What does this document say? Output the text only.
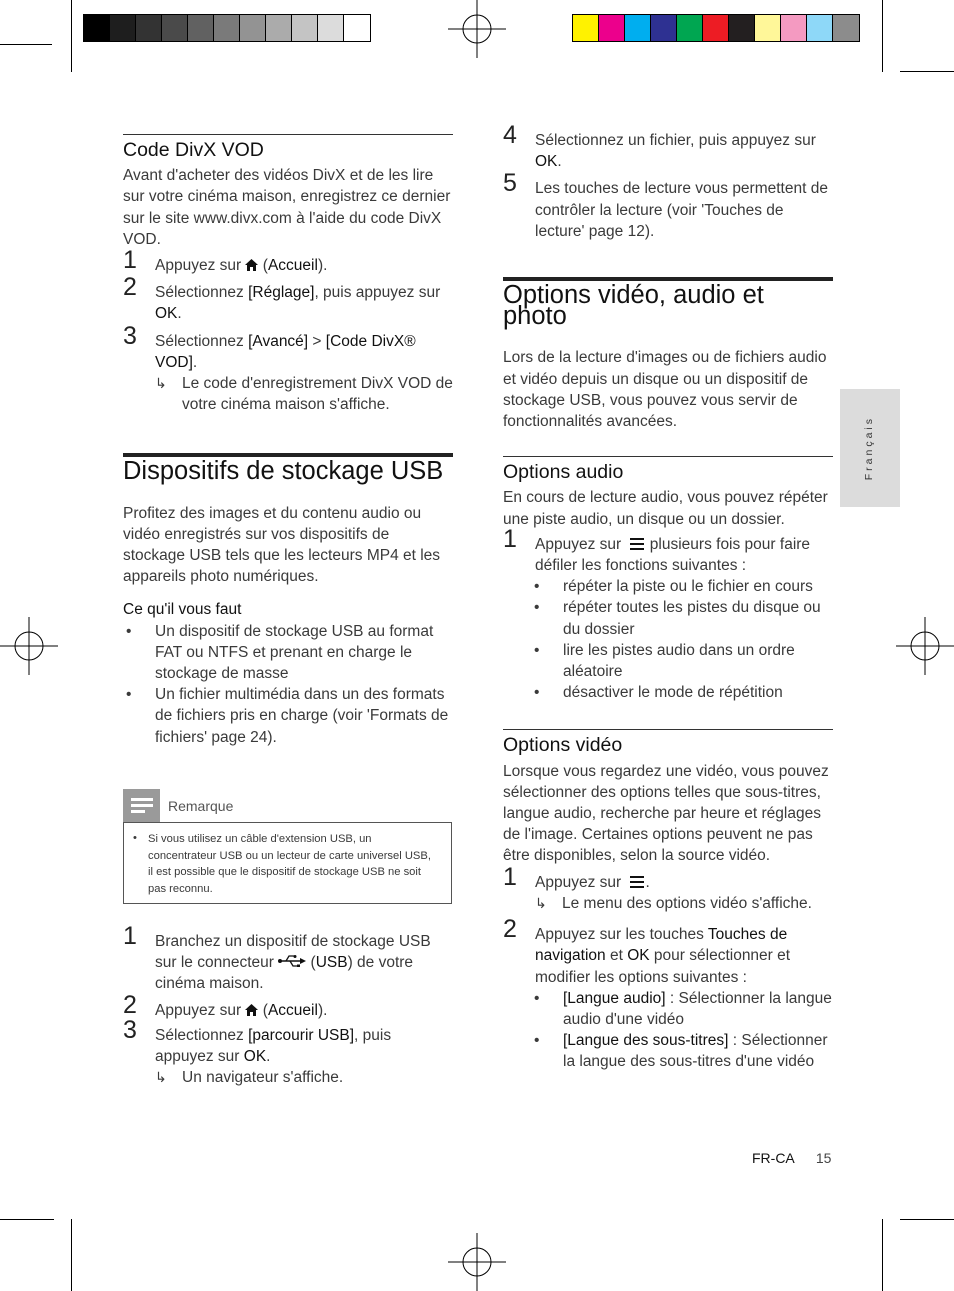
Français
Code DivX VOD

Avant d'acheter des vidéos DivX et de les lire sur votre cinéma maison, enregistrez ce dernier sur le site www.divx.com à l'aide du code DivX VOD.

1 Appuyez sur (Accueil).
2 Sélectionnez [Réglage], puis appuyez sur OK.
3 Sélectionnez [Avancé] > [Code DivX® VOD].
↳ Le code d'enregistrement DivX VOD de votre cinéma maison s'affiche.
Dispositifs de stockage USB

Profitez des images et du contenu audio ou vidéo enregistrés sur vos dispositifs de stockage USB tels que les lecteurs MP4 et les appareils photo numériques.

Ce qu'il vous faut

• Un dispositif de stockage USB au format FAT ou NTFS et prenant en charge le stockage de masse
• Un fichier multimédia dans un des formats de fichiers pris en charge (voir 'Formats de fichiers' page 24).
Remarque
• Si vous utilisez un câble d'extension USB, un concentrateur USB ou un lecteur de carte universel USB, il est possible que le dispositif de stockage USB ne soit pas reconnu.
1 Branchez un dispositif de stockage USB sur le connecteur (USB) de votre cinéma maison.
2 Appuyez sur (Accueil).
3 Sélectionnez [parcourir USB], puis appuyez sur OK.
↳ Un navigateur s'affiche.
4 Sélectionnez un fichier, puis appuyez sur OK.
5 Les touches de lecture vous permettent de contrôler la lecture (voir 'Touches de lecture' page 12).
Options vidéo, audio et photo

Lors de la lecture d'images ou de fichiers audio et vidéo depuis un disque ou un dispositif de stockage USB, vous pouvez vous servir de fonctionnalités avancées.

Options audio

En cours de lecture audio, vous pouvez répéter une piste audio, un disque ou un dossier.

1 Appuyez sur plusieurs fois pour faire défiler les fonctions suivantes :
• répéter la piste ou le fichier en cours
• répéter toutes les pistes du disque ou du dossier
• lire les pistes audio dans un ordre aléatoire
• désactiver le mode de répétition
Options vidéo

Lorsque vous regardez une vidéo, vous pouvez sélectionner des options telles que sous-titres, langue audio, recherche par heure et réglages de l'image. Certaines options peuvent ne pas être disponibles, selon la source vidéo.

1 Appuyez sur .
↳ Le menu des options vidéo s'affiche.
2 Appuyez sur les touches Touches de navigation et OK pour sélectionner et modifier les options suivantes :
• [Langue audio] : Sélectionner la langue audio d'une vidéo
• [Langue des sous-titres] : Sélectionner la langue des sous-titres d'une vidéo
FR-CA 15
